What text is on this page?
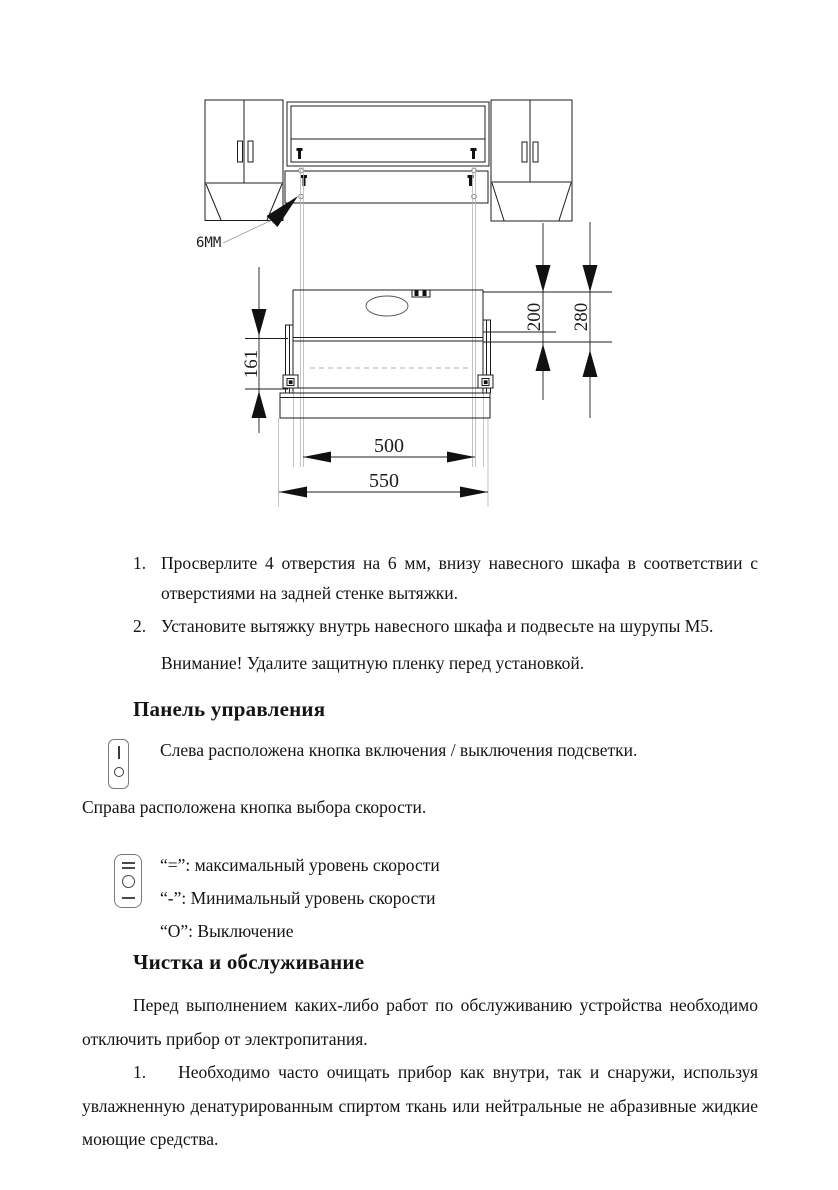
6MM
161
200 280
500
550
1. Просверлите 4 отверстия на 6 мм, внизу навесного шкафа в соответствии с отверстиями на задней стенке вытяжки.
2. Установите вытяжку внутрь навесного шкафа и подвесьте на шурупы М5.
Внимание! Удалите защитную пленку перед установкой.
Панель управления
Слева расположена кнопка включения / выключения подсветки.
Справа расположена кнопка выбора скорости.
“=”: максимальный уровень скорости
“-”: Минимальный уровень скорости
“О”: Выключение
Чистка и обслуживание
Перед выполнением каких-либо работ по обслуживанию устройства необходимо отключить прибор от электропитания.
1. Необходимо часто очищать прибор как внутри, так и снаружи, используя увлажненную денатурированным спиртом ткань или нейтральные не абразивные жидкие моющие средства.
